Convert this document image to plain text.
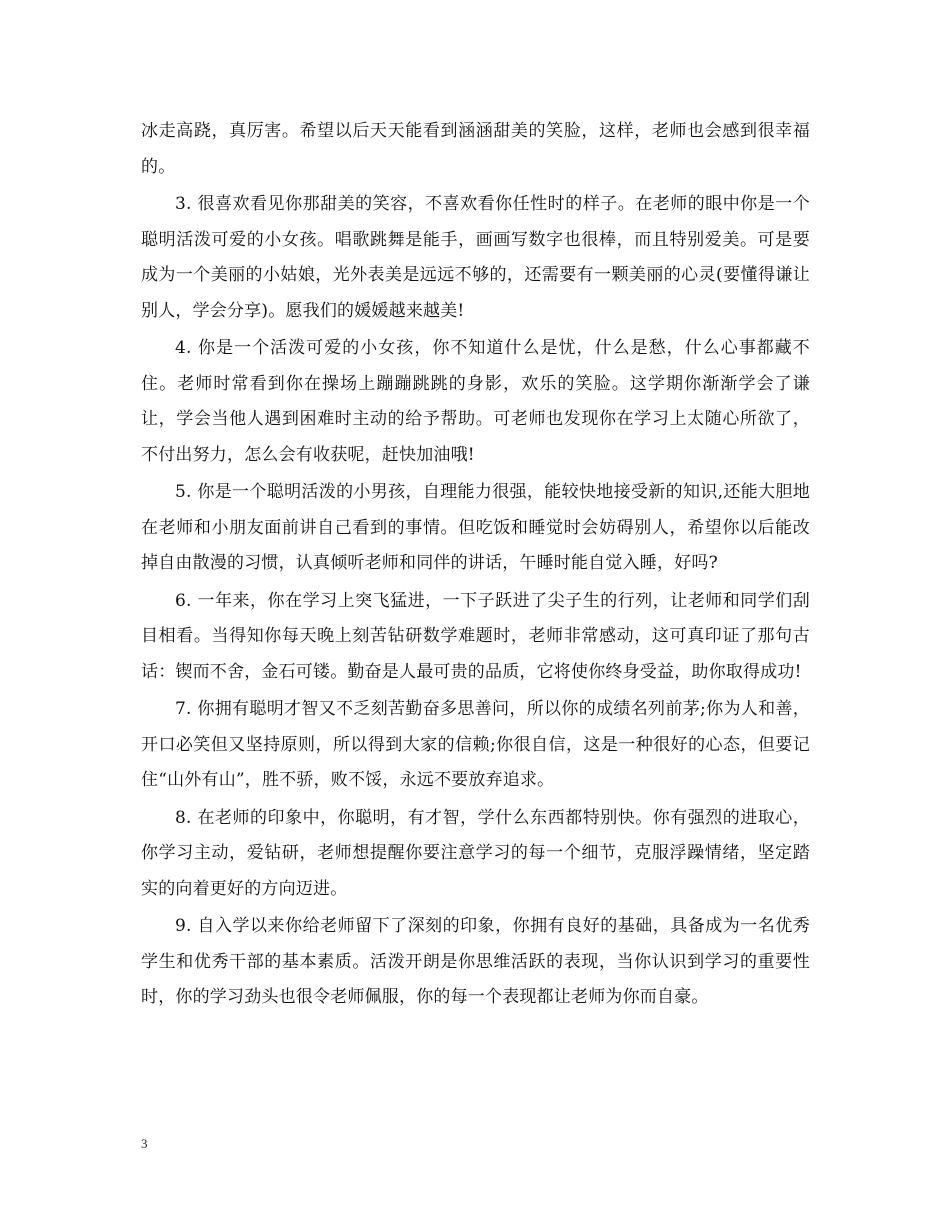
冰走高跷，真厉害。希望以后天天能看到涵涵甜美的笑脸，这样，老师也会感到很幸福的。

3. 很喜欢看见你那甜美的笑容，不喜欢看你任性时的样子。在老师的眼中你是一个聪明活泼可爱的小女孩。唱歌跳舞是能手，画画写数字也很棒，而且特别爱美。可是要成为一个美丽的小姑娘，光外表美是远远不够的，还需要有一颗美丽的心灵(要懂得谦让别人，学会分享)。愿我们的媛媛越来越美!

4. 你是一个活泼可爱的小女孩，你不知道什么是忧，什么是愁，什么心事都藏不住。老师时常看到你在操场上蹦蹦跳跳的身影，欢乐的笑脸。这学期你渐渐学会了谦让，学会当他人遇到困难时主动的给予帮助。可老师也发现你在学习上太随心所欲了，不付出努力，怎么会有收获呢，赶快加油哦!

5. 你是一个聪明活泼的小男孩，自理能力很强，能较快地接受新的知识,还能大胆地在老师和小朋友面前讲自己看到的事情。但吃饭和睡觉时会妨碍别人，希望你以后能改掉自由散漫的习惯，认真倾听老师和同伴的讲话，午睡时能自觉入睡，好吗?

6. 一年来，你在学习上突飞猛进，一下子跃进了尖子生的行列，让老师和同学们刮目相看。当得知你每天晚上刻苦钻研数学难题时，老师非常感动，这可真印证了那句古话：锲而不舍，金石可镂。勤奋是人最可贵的品质，它将使你终身受益，助你取得成功!

7. 你拥有聪明才智又不乏刻苦勤奋多思善问，所以你的成绩名列前茅;你为人和善，开口必笑但又坚持原则，所以得到大家的信赖;你很自信，这是一种很好的心态，但要记住“山外有山”，胜不骄，败不馁，永远不要放弃追求。

8. 在老师的印象中，你聪明，有才智，学什么东西都特别快。你有强烈的进取心，你学习主动，爱钻研，老师想提醒你要注意学习的每一个细节，克服浮躁情绪，坚定踏实的向着更好的方向迈进。

9. 自入学以来你给老师留下了深刻的印象，你拥有良好的基础，具备成为一名优秀学生和优秀干部的基本素质。活泼开朗是你思维活跃的表现，当你认识到学习的重要性时，你的学习劲头也很令老师佩服，你的每一个表现都让老师为你而自豪。

3
